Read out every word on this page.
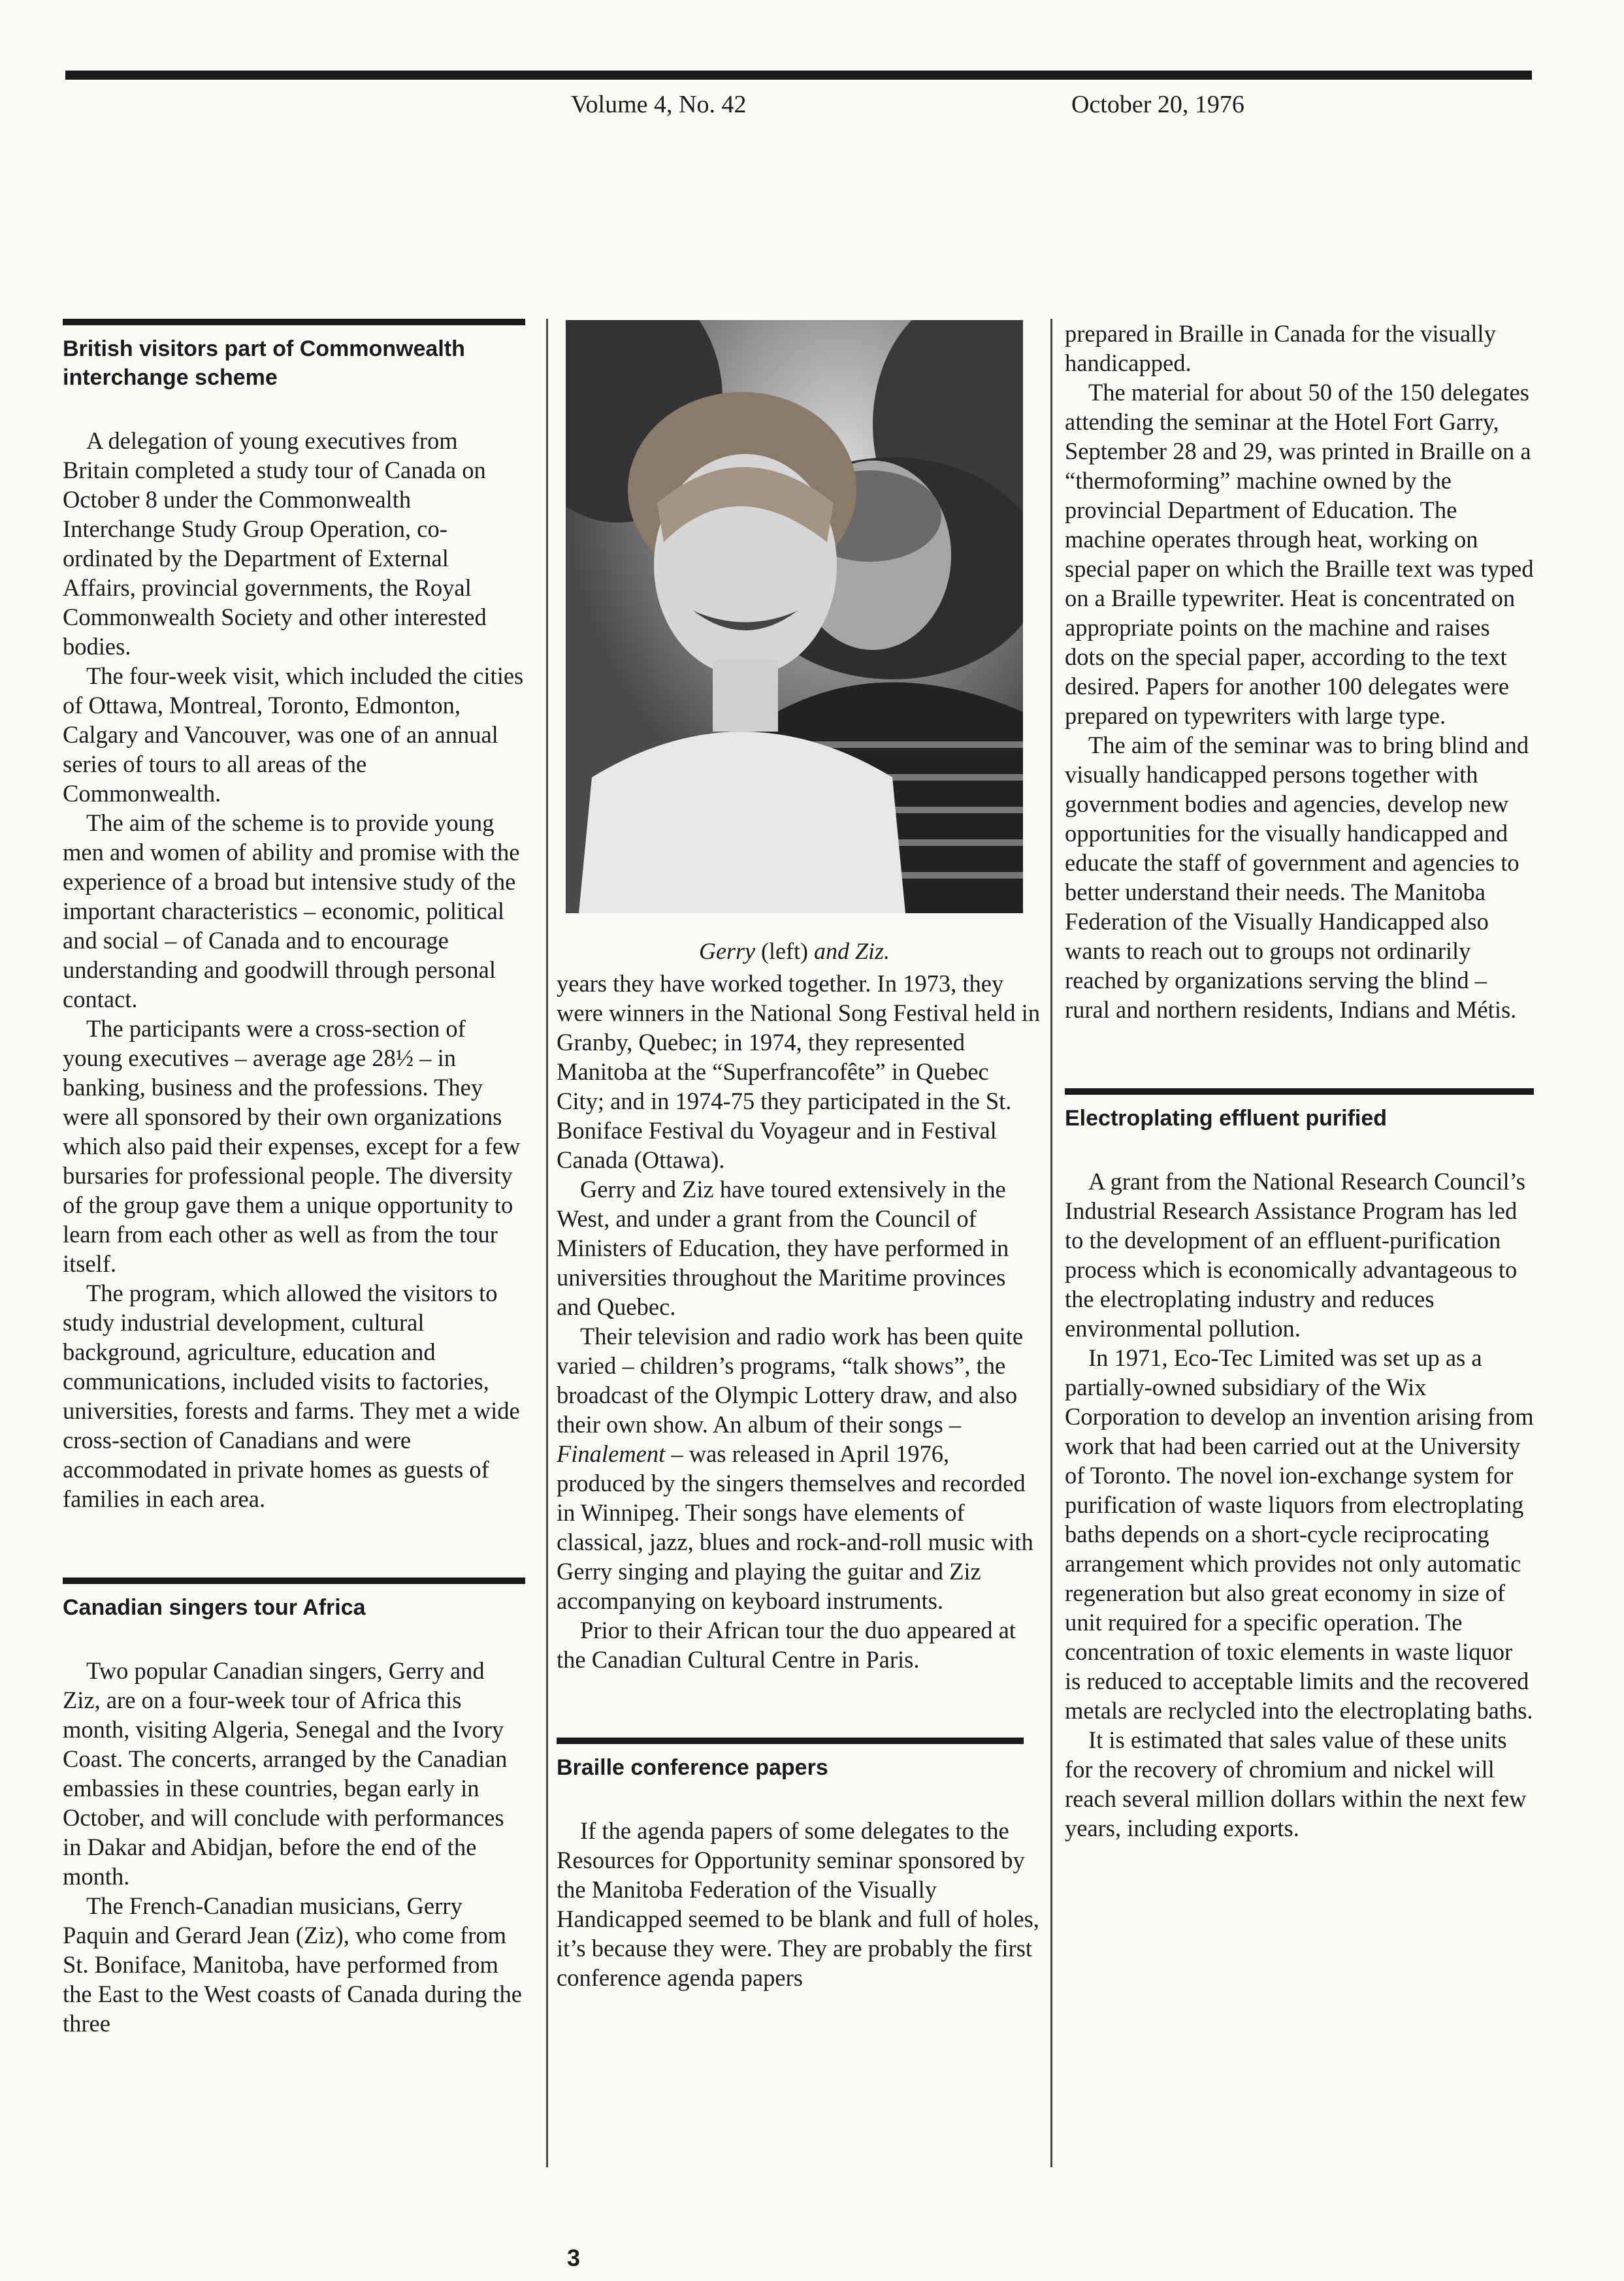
Volume 4, No. 42	October 20, 1976
British visitors part of Commonwealth interchange scheme

A delegation of young executives from Britain completed a study tour of Canada on October 8 under the Commonwealth Interchange Study Group Operation, co-ordinated by the Department of External Affairs, provincial governments, the Royal Commonwealth Society and other interested bodies.

The four-week visit, which included the cities of Ottawa, Montreal, Toronto, Edmonton, Calgary and Vancouver, was one of an annual series of tours to all areas of the Commonwealth.

The aim of the scheme is to provide young men and women of ability and promise with the experience of a broad but intensive study of the important characteristics – economic, political and social – of Canada and to encourage understanding and goodwill through personal contact.

The participants were a cross-section of young executives – average age 28½ – in banking, business and the professions. They were all sponsored by their own organizations which also paid their expenses, except for a few bursaries for professional people. The diversity of the group gave them a unique opportunity to learn from each other as well as from the tour itself.

The program, which allowed the visitors to study industrial development, cultural background, agriculture, education and communications, included visits to factories, universities, forests and farms. They met a wide cross-section of Canadians and were accommodated in private homes as guests of families in each area.

Canadian singers tour Africa

Two popular Canadian singers, Gerry and Ziz, are on a four-week tour of Africa this month, visiting Algeria, Senegal and the Ivory Coast. The concerts, arranged by the Canadian embassies in these countries, began early in October, and will conclude with performances in Dakar and Abidjan, before the end of the month.

The French-Canadian musicians, Gerry Paquin and Gerard Jean (Ziz), who come from St. Boniface, Manitoba, have performed from the East to the West coasts of Canada during the three

Gerry (left) and Ziz.

years they have worked together. In 1973, they were winners in the National Song Festival held in Granby, Quebec; in 1974, they represented Manitoba at the “Superfrancofête” in Quebec City; and in 1974-75 they participated in the St. Boniface Festival du Voyageur and in Festival Canada (Ottawa).

Gerry and Ziz have toured extensively in the West, and under a grant from the Council of Ministers of Education, they have performed in universities throughout the Maritime provinces and Quebec.

Their television and radio work has been quite varied – children’s programs, “talk shows”, the broadcast of the Olympic Lottery draw, and also their own show. An album of their songs – Finalement – was released in April 1976, produced by the singers themselves and recorded in Winnipeg. Their songs have elements of classical, jazz, blues and rock-and-roll music with Gerry singing and playing the guitar and Ziz accompanying on keyboard instruments.

Prior to their African tour the duo appeared at the Canadian Cultural Centre in Paris.

Braille conference papers

If the agenda papers of some delegates to the Resources for Opportunity seminar sponsored by the Manitoba Federation of the Visually Handicapped seemed to be blank and full of holes, it’s because they were. They are probably the first conference agenda papers

prepared in Braille in Canada for the visually handicapped.

The material for about 50 of the 150 delegates attending the seminar at the Hotel Fort Garry, September 28 and 29, was printed in Braille on a “thermoforming” machine owned by the provincial Department of Education. The machine operates through heat, working on special paper on which the Braille text was typed on a Braille typewriter. Heat is concentrated on appropriate points on the machine and raises dots on the special paper, according to the text desired. Papers for another 100 delegates were prepared on typewriters with large type.

The aim of the seminar was to bring blind and visually handicapped persons together with government bodies and agencies, develop new opportunities for the visually handicapped and educate the staff of government and agencies to better understand their needs. The Manitoba Federation of the Visually Handicapped also wants to reach out to groups not ordinarily reached by organizations serving the blind – rural and northern residents, Indians and Métis.

Electroplating effluent purified

A grant from the National Research Council’s Industrial Research Assistance Program has led to the development of an effluent-purification process which is economically advantageous to the electroplating industry and reduces environmental pollution.

In 1971, Eco-Tec Limited was set up as a partially-owned subsidiary of the Wix Corporation to develop an invention arising from work that had been carried out at the University of Toronto. The novel ion-exchange system for purification of waste liquors from electroplating baths depends on a short-cycle reciprocating arrangement which provides not only automatic regeneration but also great economy in size of unit required for a specific operation. The concentration of toxic elements in waste liquor is reduced to acceptable limits and the recovered metals are reclycled into the electroplating baths.

It is estimated that sales value of these units for the recovery of chromium and nickel will reach several million dollars within the next few years, including exports.

3
